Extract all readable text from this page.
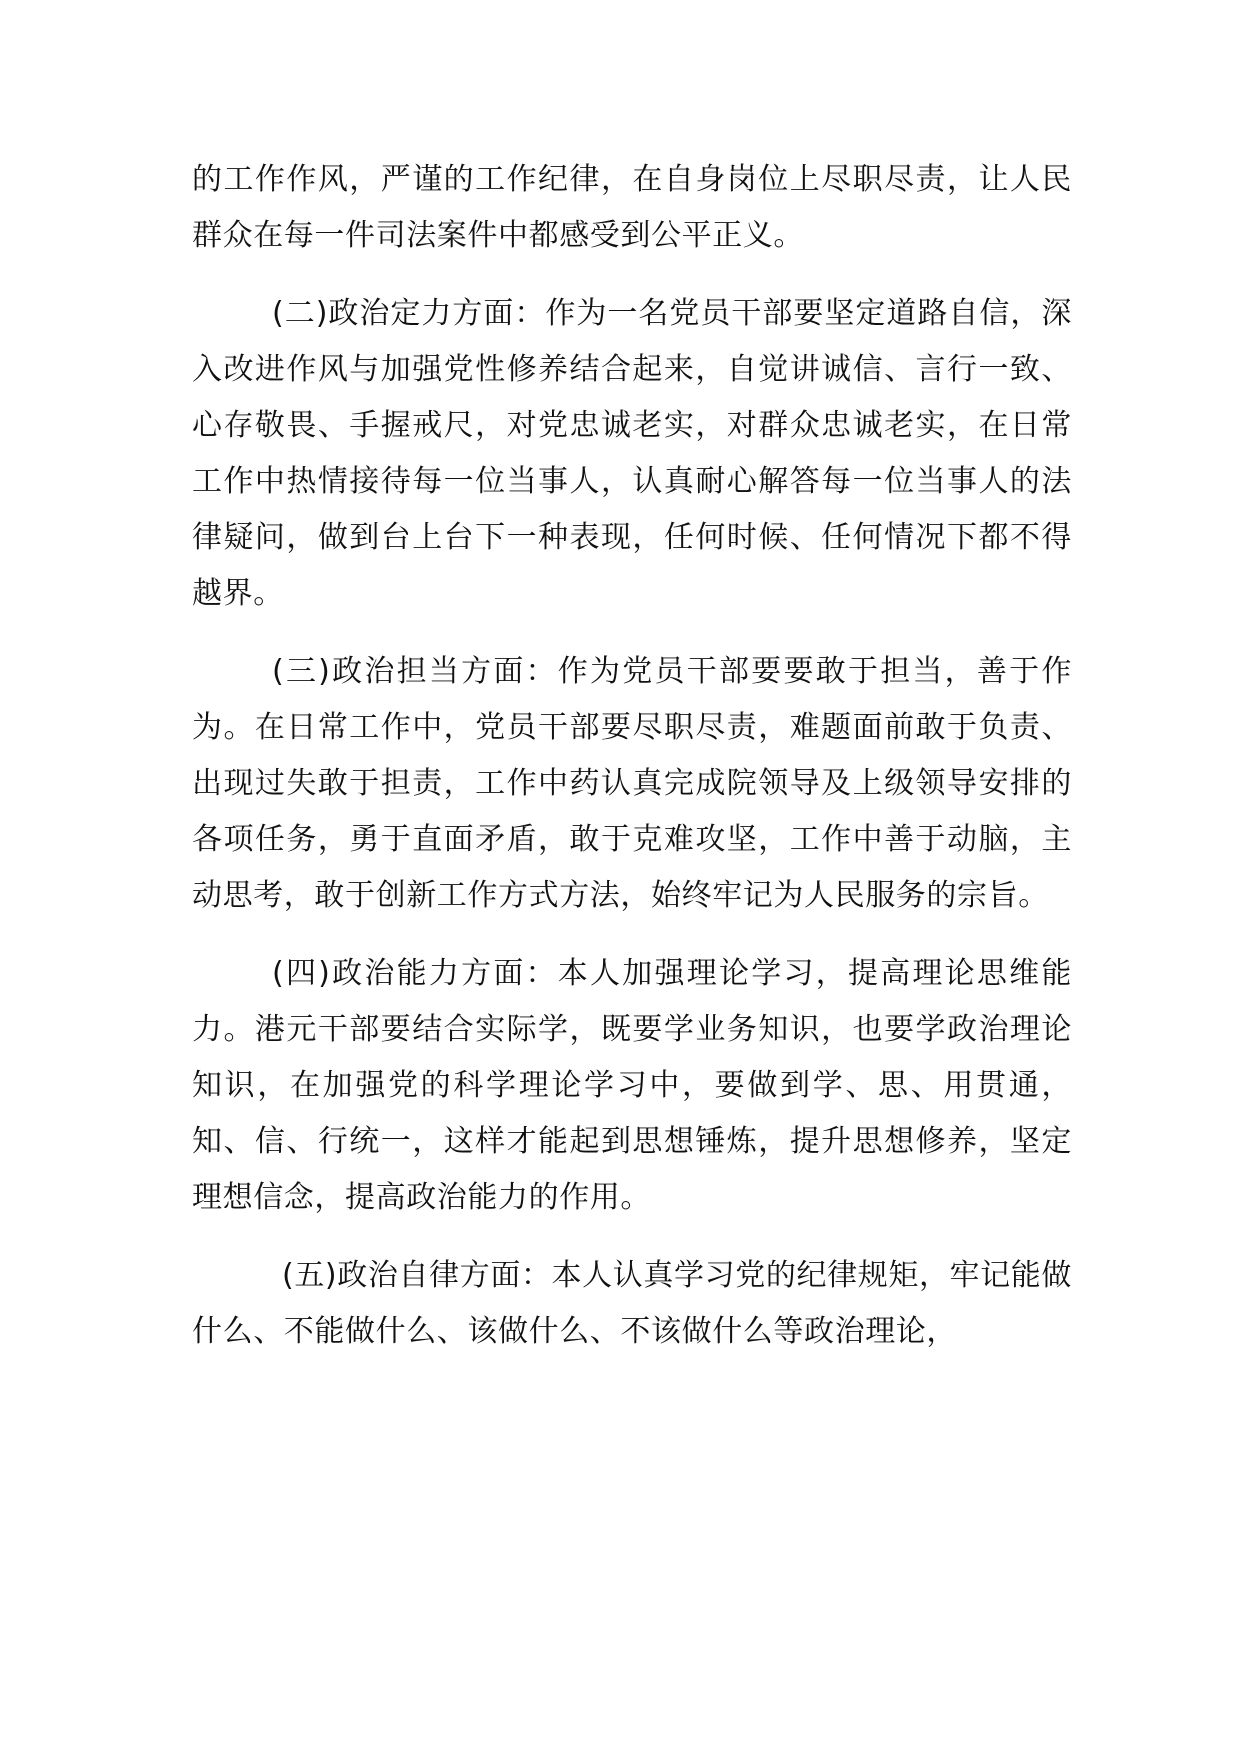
的工作作风，严谨的工作纪律，在自身岗位上尽职尽责，让人民群众在每一件司法案件中都感受到公平正义。

(二)政治定力方面：作为一名党员干部要坚定道路自信，深入改进作风与加强党性修养结合起来，自觉讲诚信、言行一致、心存敬畏、手握戒尺，对党忠诚老实，对群众忠诚老实，在日常工作中热情接待每一位当事人，认真耐心解答每一位当事人的法律疑问，做到台上台下一种表现，任何时候、任何情况下都不得越界。

(三)政治担当方面：作为党员干部要要敢于担当，善于作为。在日常工作中，党员干部要尽职尽责，难题面前敢于负责、出现过失敢于担责，工作中药认真完成院领导及上级领导安排的各项任务，勇于直面矛盾，敢于克难攻坚，工作中善于动脑，主动思考，敢于创新工作方式方法，始终牢记为人民服务的宗旨。

(四)政治能力方面：本人加强理论学习，提高理论思维能力。港元干部要结合实际学，既要学业务知识，也要学政治理论知识，在加强党的科学理论学习中，要做到学、思、用贯通，知、信、行统一，这样才能起到思想锤炼，提升思想修养，坚定理想信念，提高政治能力的作用。

(五)政治自律方面：本人认真学习党的纪律规矩，牢记能做什么、不能做什么、该做什么、不该做什么等政治理论，
